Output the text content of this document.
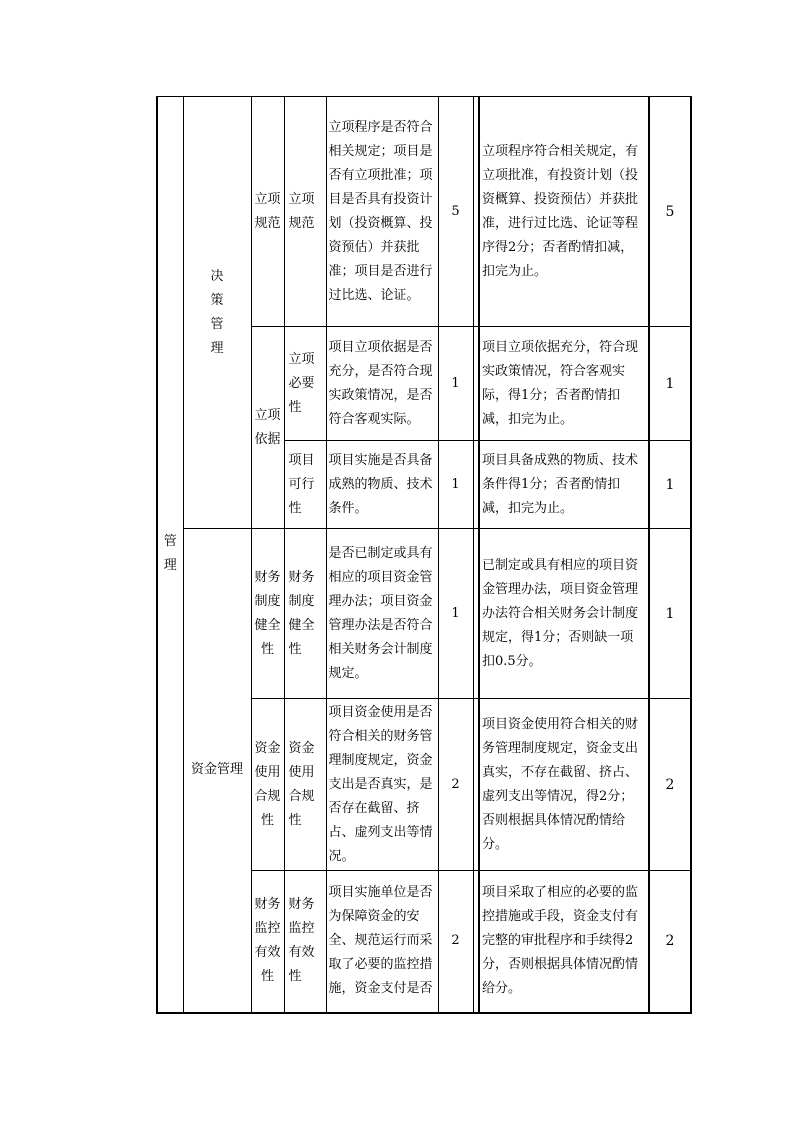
管理	决策管理	立项规范	立项规范	立项程序是否符合相关规定；项目是否有立项批准；项目是否具有投资计划（投资概算、投资预估）并获批准；项目是否进行过比选、论证。	5		立项程序符合相关规定，有立项批准，有投资计划（投资概算、投资预估）并获批准，进行过比选、论证等程序得2分；否者酌情扣减，扣完为止。	5
		立项依据	立项必要性	项目立项依据是否充分，是否符合现实政策情况，是否符合客观实际。	1		项目立项依据充分，符合现实政策情况，符合客观实际，得1分；否者酌情扣减，扣完为止。	1
			项目可行性	项目实施是否具备成熟的物质、技术条件。	1		项目具备成熟的物质、技术条件得1分；否者酌情扣减，扣完为止。	1
	资金管理	财务制度健全性	财务制度健全性	是否已制定或具有相应的项目资金管理办法；项目资金管理办法是否符合相关财务会计制度规定。	1		已制定或具有相应的项目资金管理办法，项目资金管理办法符合相关财务会计制度规定，得1分；否则缺一项扣0.5分。	1
		资金使用合规性	资金使用合规性	项目资金使用是否符合相关的财务管理制度规定，资金支出是否真实，是否存在截留、挤占、虚列支出等情况。	2		项目资金使用符合相关的财务管理制度规定，资金支出真实，不存在截留、挤占、虚列支出等情况，得2分；否则根据具体情况酌情给分。	2
		财务监控有效性	财务监控有效性	项目实施单位是否为保障资金的安全、规范运行而采取了必要的监控措施，资金支付是否	2		项目采取了相应的必要的监控措施或手段，资金支付有完整的审批程序和手续得2分，否则根据具体情况酌情给分。	2
